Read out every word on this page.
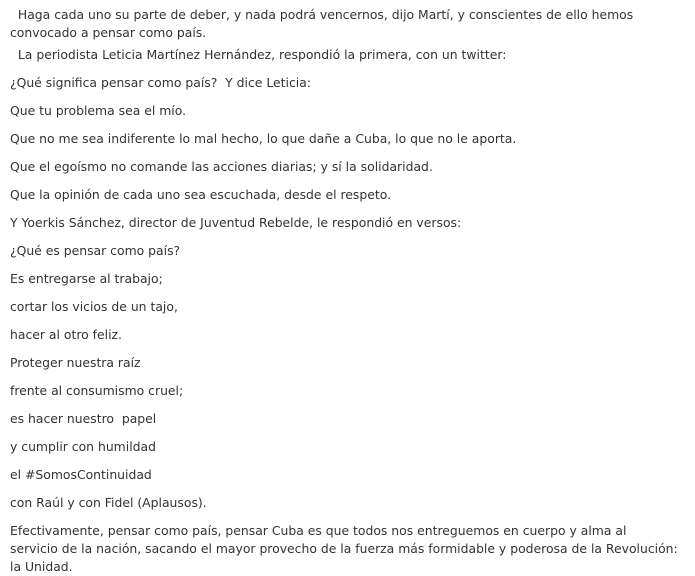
Haga cada uno su parte de deber, y nada podrá vencernos, dijo Martí, y conscientes de ello hemos convocado a pensar como país.

La periodista Leticia Martínez Hernández, respondió la primera, con un twitter:

¿Qué significa pensar como país?  Y dice Leticia:

Que tu problema sea el mío.

Que no me sea indiferente lo mal hecho, lo que dañe a Cuba, lo que no le aporta.

Que el egoísmo no comande las acciones diarias; y sí la solidaridad.

Que la opinión de cada uno sea escuchada, desde el respeto.

Y Yoerkis Sánchez, director de Juventud Rebelde, le respondió en versos:

¿Qué es pensar como país?

Es entregarse al trabajo;

cortar los vicios de un tajo,

hacer al otro feliz.

Proteger nuestra raíz

frente al consumismo cruel;

es hacer nuestro  papel

y cumplir con humildad

el #SomosContinuidad

con Raúl y con Fidel (Aplausos).

Efectivamente, pensar como país, pensar Cuba es que todos nos entreguemos en cuerpo y alma al servicio de la nación, sacando el mayor provecho de la fuerza más formidable y poderosa de la Revolución:  la Unidad.
